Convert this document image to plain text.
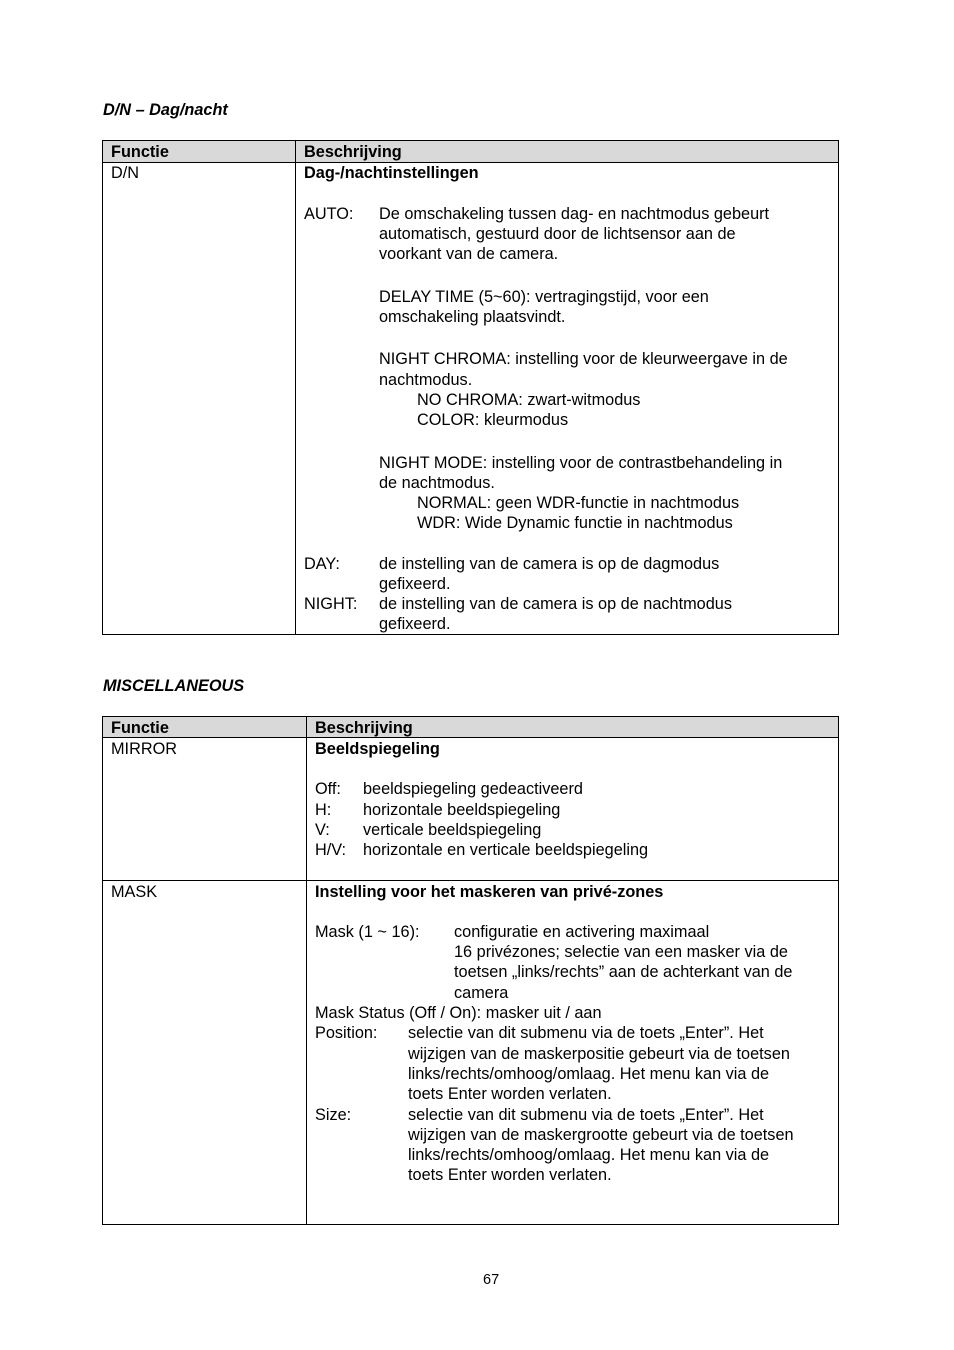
D/N – Dag/nacht
Functie	Beschrijving
D/N	Dag-/nachtinstellingen
AUTO: De omschakeling tussen dag- en nachtmodus gebeurt
automatisch, gestuurd door de lichtsensor aan de
voorkant van de camera.
DELAY TIME (5~60): vertragingstijd, voor een
omschakeling plaatsvindt.
NIGHT CHROMA: instelling voor de kleurweergave in de
nachtmodus.
NO CHROMA: zwart-witmodus
COLOR: kleurmodus
NIGHT MODE: instelling voor de contrastbehandeling in
de nachtmodus.
NORMAL: geen WDR-functie in nachtmodus
WDR: Wide Dynamic functie in nachtmodus
DAY: de instelling van de camera is op de dagmodus
gefixeerd.
NIGHT: de instelling van de camera is op de nachtmodus
gefixeerd.
MISCELLANEOUS
Functie	Beschrijving
MIRROR	Beeldspiegeling
Off: beeldspiegeling gedeactiveerd
H: horizontale beeldspiegeling
V: verticale beeldspiegeling
H/V: horizontale en verticale beeldspiegeling
MASK	Instelling voor het maskeren van privé-zones
Mask (1 ~ 16): configuratie en activering maximaal
16 privézones; selectie van een masker via de
toetsen „links/rechts” aan de achterkant van de
camera
Mask Status (Off / On): masker uit / aan
Position: selectie van dit submenu via de toets „Enter”. Het
wijzigen van de maskerpositie gebeurt via de toetsen
links/rechts/omhoog/omlaag. Het menu kan via de
toets Enter worden verlaten.
Size:	selectie van dit submenu via de toets „Enter”. Het
wijzigen van de maskergrootte gebeurt via de toetsen
links/rechts/omhoog/omlaag. Het menu kan via de
toets Enter worden verlaten.
67
